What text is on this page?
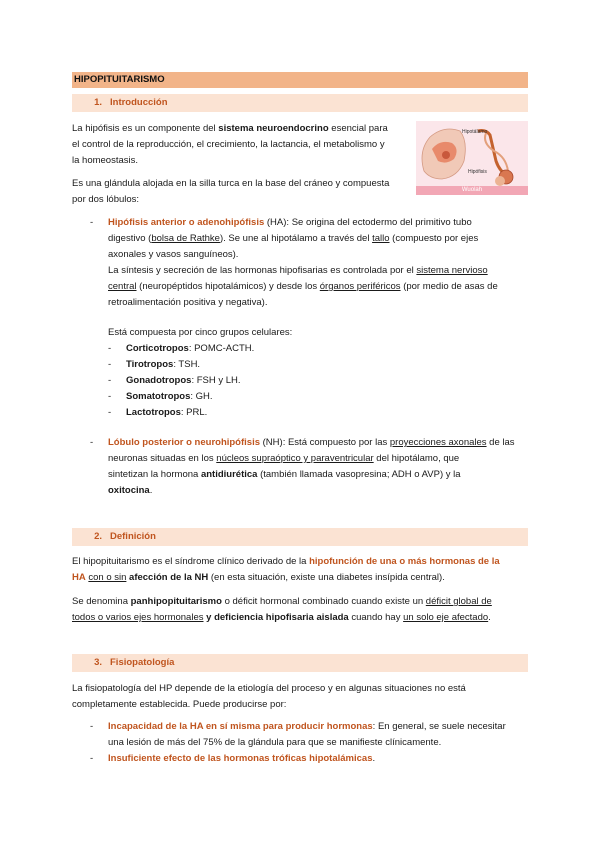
HIPOPITUITARISMO
1. Introducción
La hipófisis es un componente del sistema neuroendocrino esencial para
el control de la reproducción, el crecimiento, la lactancia, el metabolismo y
la homeostasis.
Es una glándula alojada en la silla turca en la base del cráneo y compuesta
por dos lóbulos:
Hipotálamo
Hipófisis
Wuolah
- Hipófisis anterior o adenohipófisis (HA): Se origina del ectodermo del primitivo tubo
digestivo (bolsa de Rathke). Se une al hipotálamo a través del tallo (compuesto por ejes
axonales y vasos sanguíneos).
La síntesis y secreción de las hormonas hipofisarias es controlada por el sistema nervioso
central (neuropéptidos hipotalámicos) y desde los órganos periféricos (por medio de asas de
retroalimentación positiva y negativa).
Está compuesta por cinco grupos celulares:
- Corticotropos: POMC-ACTH.
- Tirotropos: TSH.
- Gonadotropos: FSH y LH.
- Somatotropos: GH.
- Lactotropos: PRL.
- Lóbulo posterior o neurohipófisis (NH): Está compuesto por las proyecciones axonales de las
neuronas situadas en los núcleos supraóptico y paraventricular del hipotálamo, que
sintetizan la hormona antidiurética (también llamada vasopresina; ADH o AVP) y la
oxitocina.
2. Definición
El hipopituitarismo es el síndrome clínico derivado de la hipofunción de una o más hormonas de la
HA con o sin afección de la NH (en esta situación, existe una diabetes insípida central).
Se denomina panhipopituitarismo o déficit hormonal combinado cuando existe un déficit global de
todos o varios ejes hormonales y deficiencia hipofisaria aislada cuando hay un solo eje afectado.
3. Fisiopatología
La fisiopatología del HP depende de la etiología del proceso y en algunas situaciones no está
completamente establecida. Puede producirse por:
- Incapacidad de la HA en sí misma para producir hormonas: En general, se suele necesitar
una lesión de más del 75% de la glándula para que se manifieste clínicamente.
- Insuficiente efecto de las hormonas tróficas hipotalámicas.
